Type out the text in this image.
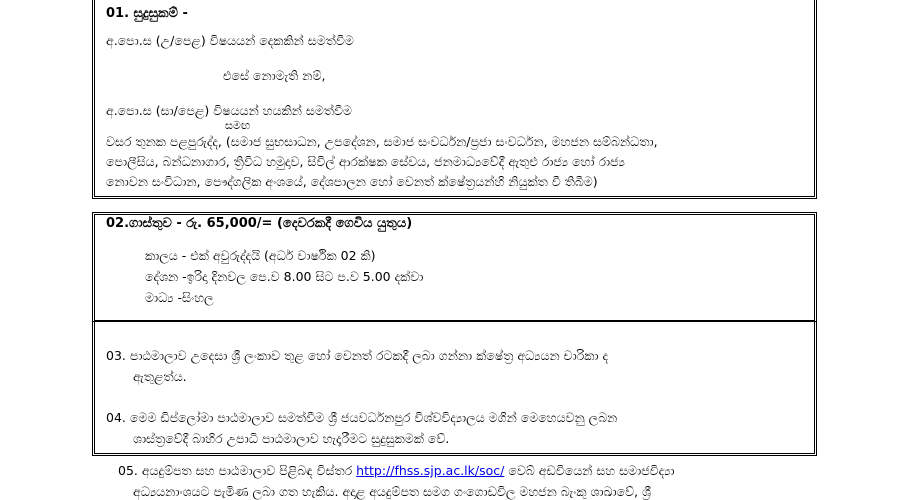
01. සුදුසුකම් -
අ.පො.ස (උ/පෙළ) විෂයයන් දෙකකින් සමත්වීම
එසේ නොමැති නම්,
අ.පො.ස (සා/පෙළ) විෂයයන් හයකින් සමත්වීම
සමඟ
වසර තුනක පළපුරුද්ද, (සමාජ සුභසාධන, උපදේශන, සමාජ සංවර්ධන/ප්‍රජා සංවර්ධන, මහජන සම්බන්ධතා,
පොලීසිය, බන්ධනාගාර, ත්‍රිවිධ හමුදාව, සිවිල් ආරක්ෂක සේවය, ජනමාධ්‍යවේදී ඇතුළු රාජ්‍ය හෝ රාජ්‍ය
නොවන සංවිධාන, පෞද්ගලික අංශයේ, දේශපාලන හෝ වෙනත් ක්ෂේත්‍රයන්හි නියුක්ත වී තිබීම)
02.ගාස්තුව - රු. 65,000/= (දෙවරකදී ගෙවිය යුතුය)
කාලය - එක් අවුරුද්දයි (අර්ධ වාර්ෂික 02 කි)
දේශන -ඉරිදා දිනවල පෙ.ව 8.00 සිට ප.ව 5.00 දක්වා
මාධ්‍ය -සිංහල
03. පාඨමාලාව උදෙසා ශ්‍රී ලංකාව තුළ හෝ වෙනත් රටකදී ලබා ගන්නා ක්ෂේත්‍ර අධ්‍යයන චාරිකා ද
ඇතුළත්ය.
04. මෙම ඩිප්ලෝමා පාඨමාලාව සමත්වීම ශ්‍රී ජයවර්ධනපුර විශ්වවිද්‍යාලය මගින් මෙහෙයවනු ලබන
ශාස්ත්‍රවේදී බාහිර උපාධි පාඨමාලාව හැදෑරීමට සුදුසුකමක් වේ.
05. අයදුම්පත සහ පාඨමාලාව පිළිබඳ විස්තර http://fhss.sjp.ac.lk/soc/ වෙබ් අඩවියෙන් සහ සමාජවිද්‍යා
අධ්‍යයනාංශයට පැමිණ ලබා ගත හැකිය. අදාළ අයදුම්පත සමග ගංගොඩවිල මහජන බැංකු ශාඛාවේ, ශ්‍රී
